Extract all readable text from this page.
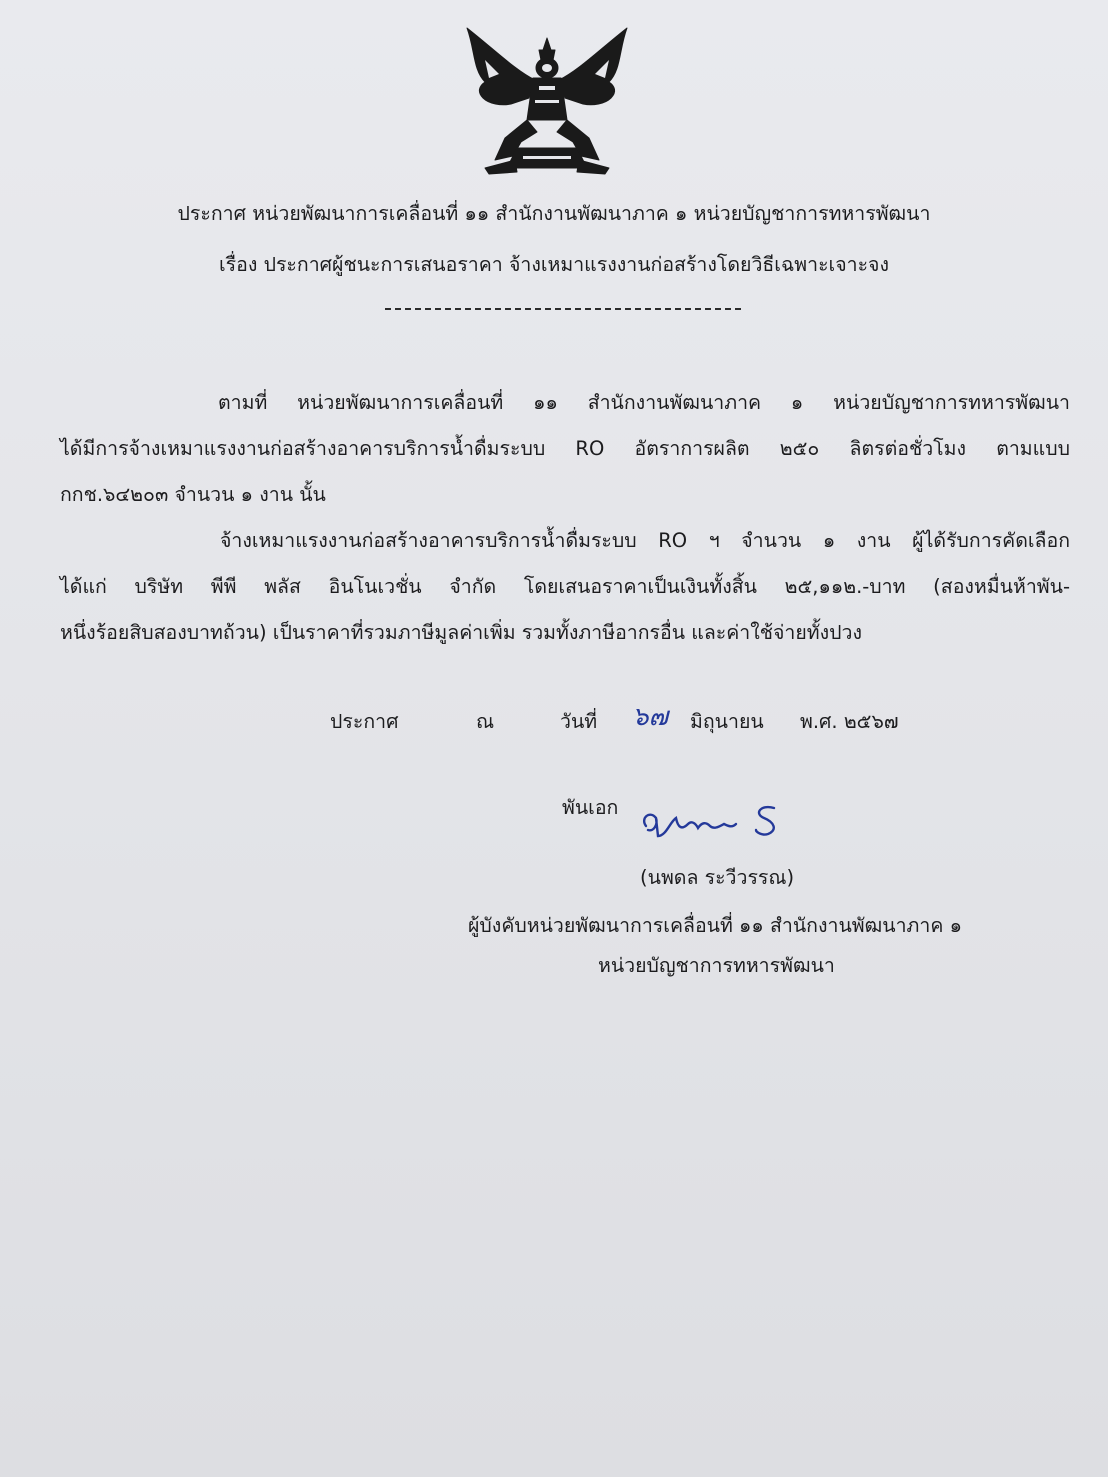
ประกาศ หน่วยพัฒนาการเคลื่อนที่ ๑๑ สำนักงานพัฒนาภาค ๑ หน่วยบัญชาการทหารพัฒนา
เรื่อง ประกาศผู้ชนะการเสนอราคา จ้างเหมาแรงงานก่อสร้างโดยวิธีเฉพาะเจาะจง
ตามที่ หน่วยพัฒนาการเคลื่อนที่ ๑๑ สำนักงานพัฒนาภาค ๑ หน่วยบัญชาการทหารพัฒนา
ได้มีการจ้างเหมาแรงงานก่อสร้างอาคารบริการน้ำดื่มระบบ RO อัตราการผลิต ๒๕๐ ลิตรต่อชั่วโมง ตามแบบ
กกช.๖๔๒๐๓ จำนวน ๑ งาน นั้น
จ้างเหมาแรงงานก่อสร้างอาคารบริการน้ำดื่มระบบ RO ฯ จำนวน ๑ งาน ผู้ได้รับการคัดเลือก
ได้แก่ บริษัท พีพี พลัส อินโนเวชั่น จำกัด โดยเสนอราคาเป็นเงินทั้งสิ้น ๒๕,๑๑๒.-บาท (สองหมื่นห้าพัน-
หนึ่งร้อยสิบสองบาทถ้วน) เป็นราคาที่รวมภาษีมูลค่าเพิ่ม รวมทั้งภาษีอากรอื่น และค่าใช้จ่ายทั้งปวง
ประกาศ	ณ	วันที่ ๖๗ มิถุนายน พ.ศ. ๒๕๖๗
พันเอก
(นพดล ระวีวรรณ)
ผู้บังคับหน่วยพัฒนาการเคลื่อนที่ ๑๑ สำนักงานพัฒนาภาค ๑
หน่วยบัญชาการทหารพัฒนา
